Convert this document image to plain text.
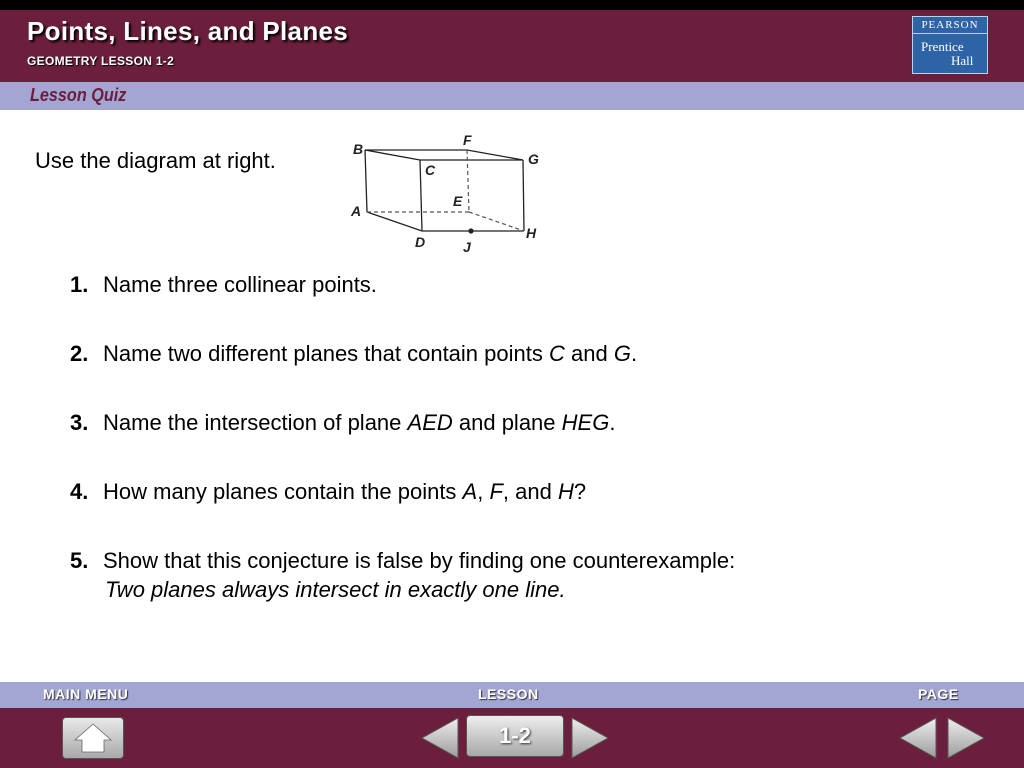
Points, Lines, and Planes
GEOMETRY LESSON 1-2
PEARSON
Prentice
Hall
Lesson Quiz
Use the diagram at right.	B
F
G
C
E
A
H
D	J
1. Name three collinear points.
2. Name two different planes that contain points C and G.
3. Name the intersection of plane AED and plane HEG.
4. How many planes contain the points A, F, and H?
5. Show that this conjecture is false by finding one counterexample:
Two planes always intersect in exactly one line.
MAIN MENU	LESSON	PAGE
1-2
